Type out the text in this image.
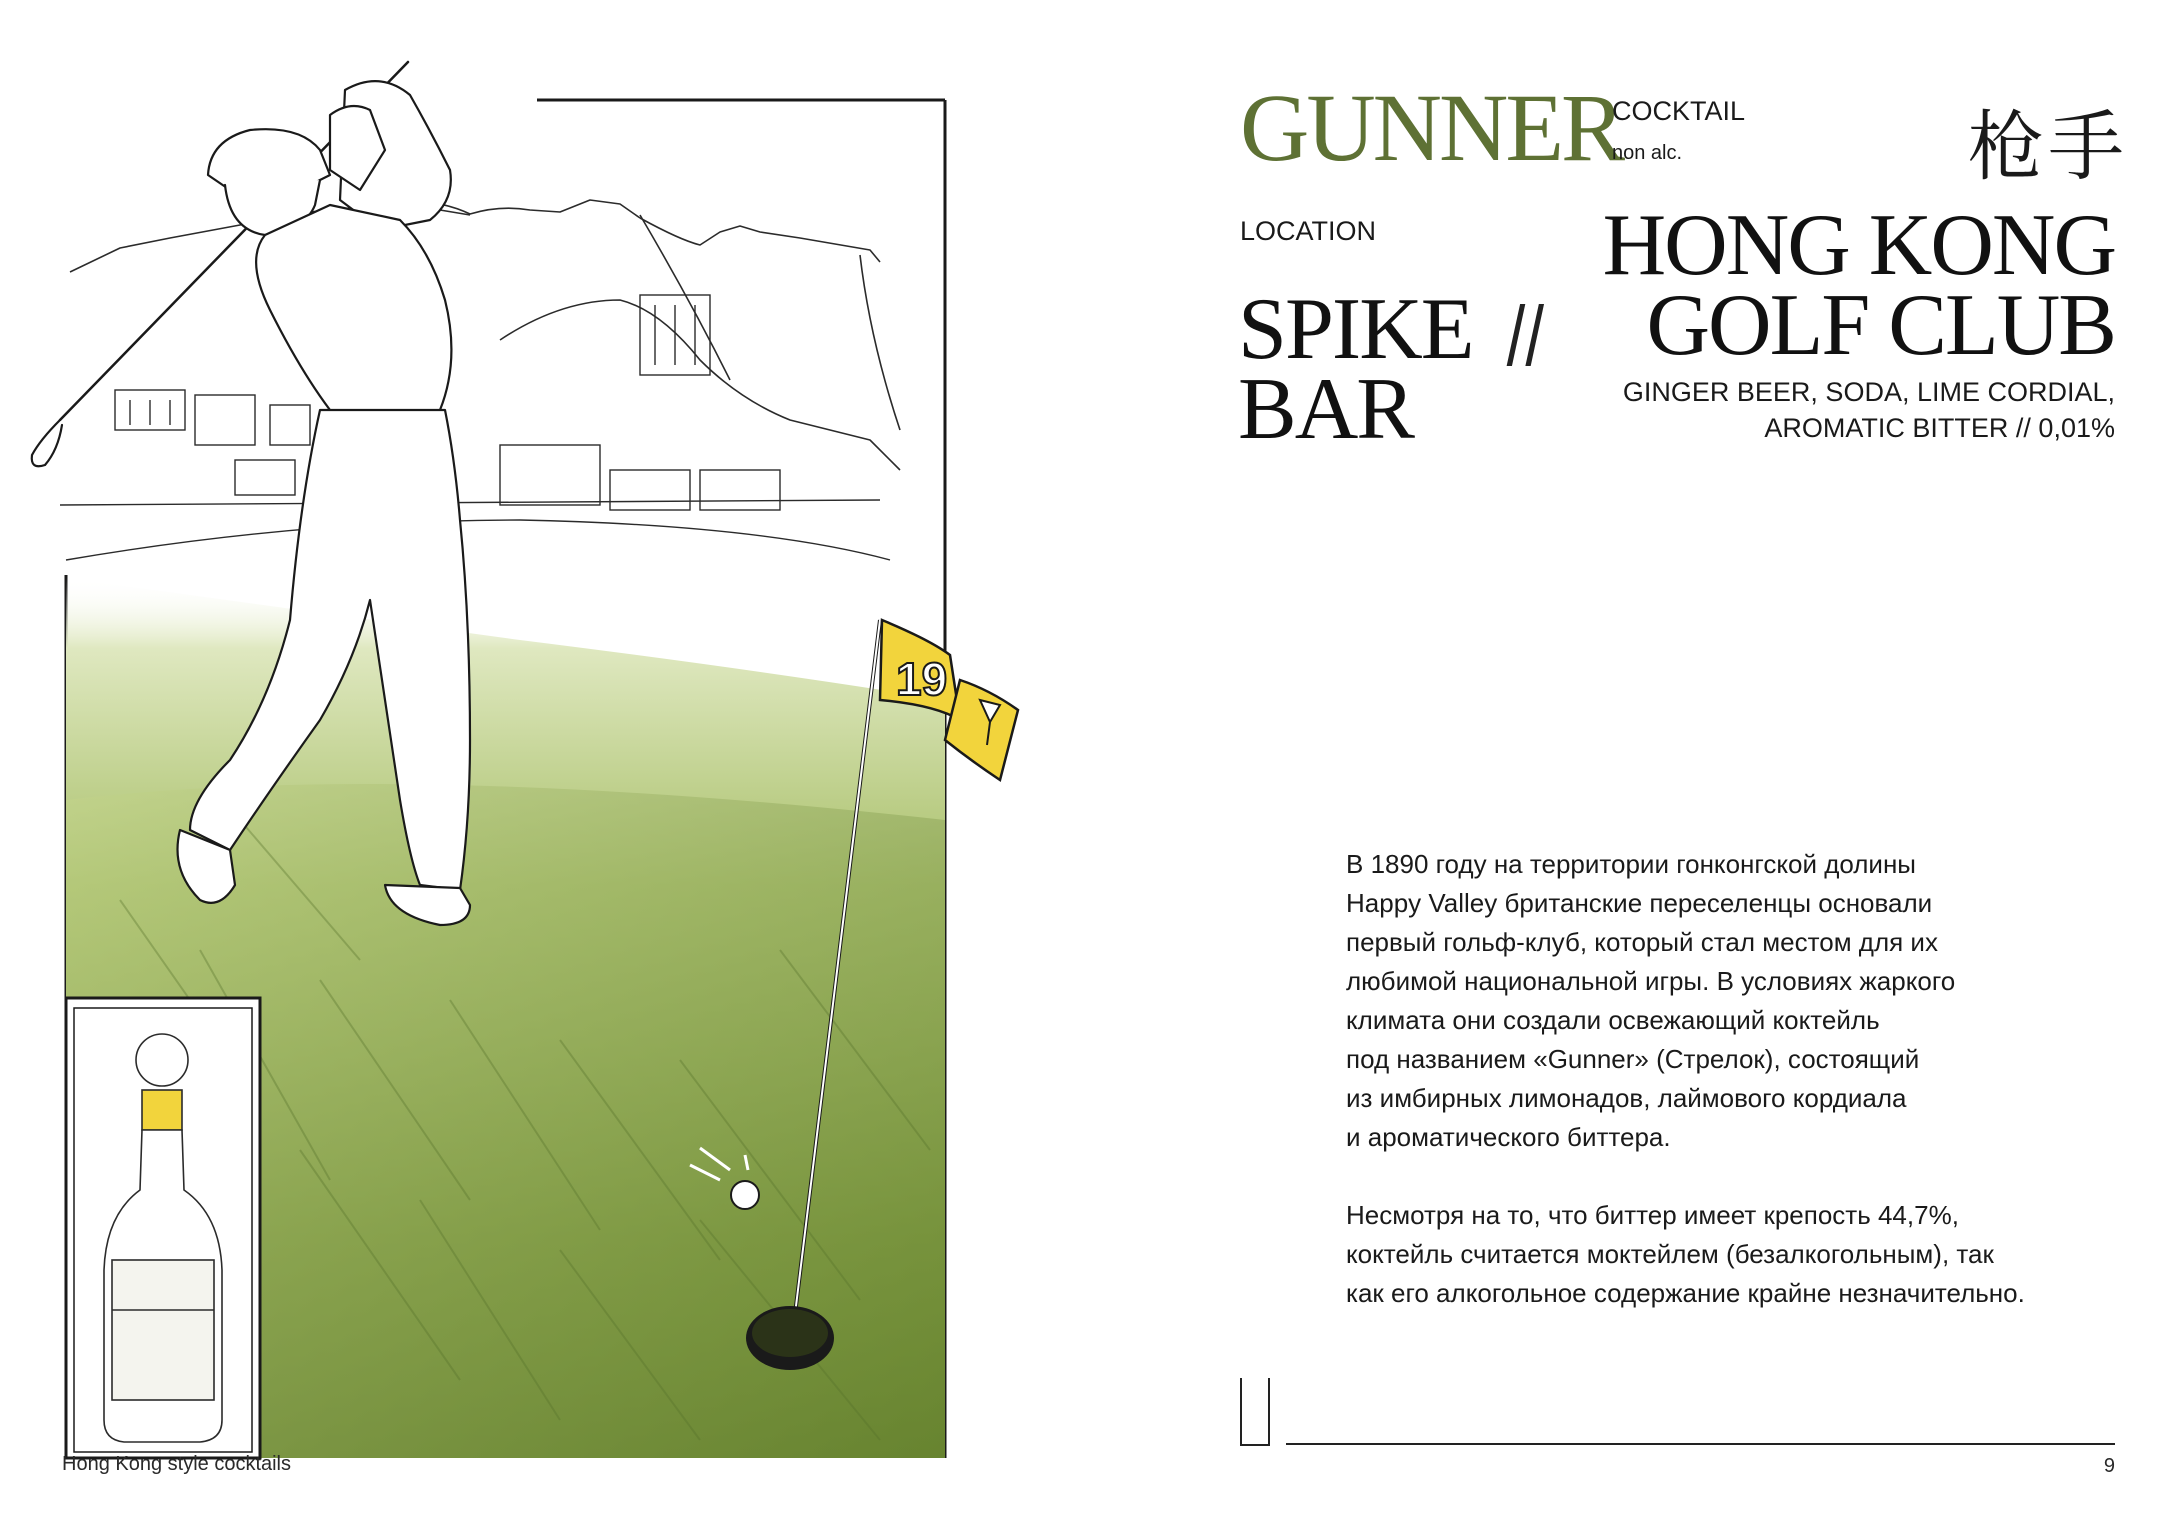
19
Hong Kong style cocktails
GUNNER
COCKTAIL
non alc.	枪手
LOCATION
SPIKE
BAR
//
HONG KONG
GOLF CLUB
GINGER BEER, SODA, LIME CORDIAL,
AROMATIC BITTER // 0,01%

В 1890 году на территории гонконгской долины
Happy Valley британские переселенцы основали
первый гольф-клуб, который стал местом для их
любимой национальной игры. В условиях жаркого
климата они создали освежающий коктейль
под названием «Gunner» (Стрелок), состоящий
из имбирных лимонадов, лаймового кордиала
и ароматического биттера.

Несмотря на то, что биттер имеет крепость 44,7%,
коктейль считается моктейлем (безалкогольным), так
как его алкогольное содержание крайне незначительно.

9
